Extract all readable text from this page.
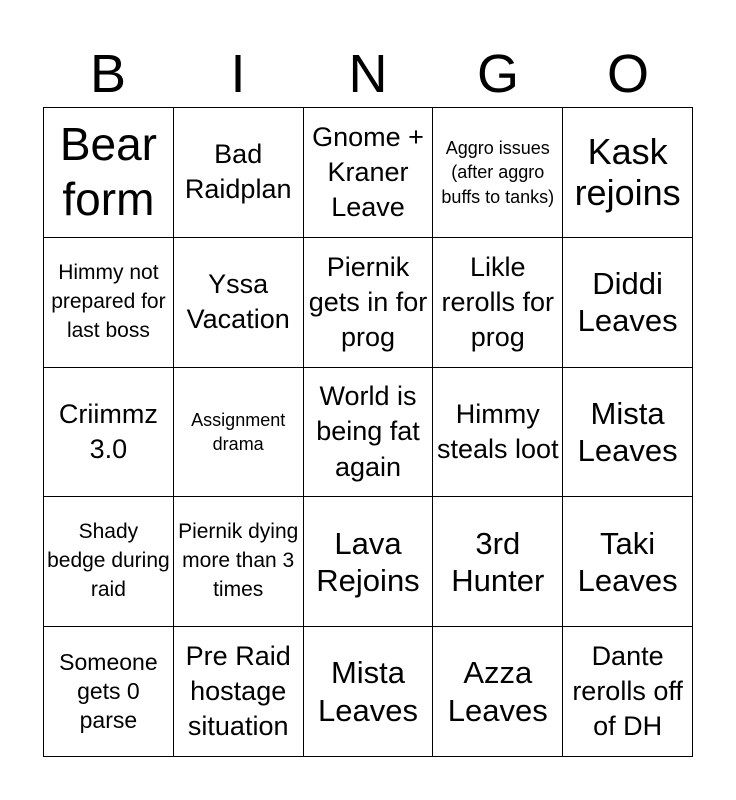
B	I	N	G	O
Bear form
Bad Raidplan
Gnome + Kraner Leave
Aggro issues (after aggro buffs to tanks)
Kask rejoins
Himmy not prepared for last boss
Yssa Vacation
Piernik gets in for prog
Likle rerolls for prog
Diddi Leaves
Criimmz 3.0
Assignment drama
World is being fat again
Himmy steals loot
Mista Leaves
Shady bedge during raid
Piernik dying more than 3 times
Lava Rejoins
3rd Hunter
Taki Leaves
Someone gets 0 parse
Pre Raid hostage situation
Mista Leaves
Azza Leaves
Dante rerolls off of DH
